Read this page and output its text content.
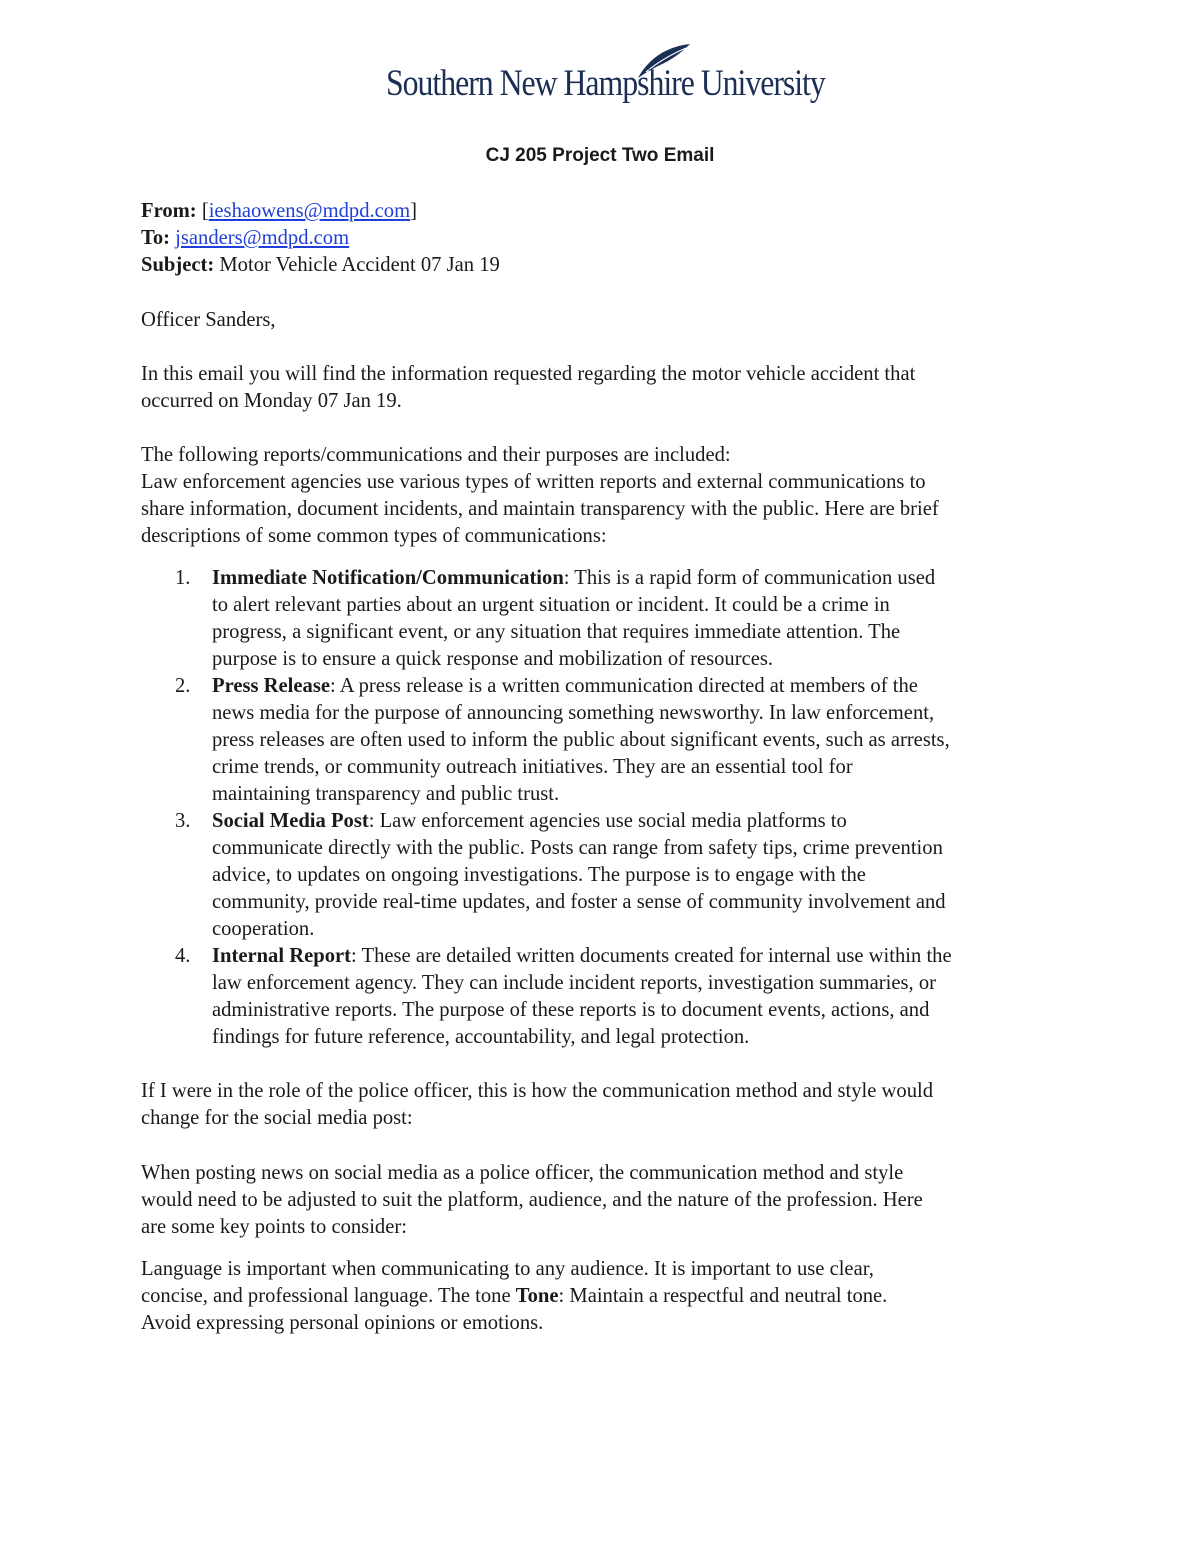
Southern New Hampshire University
CJ 205 Project Two Email
From: [ieshaowens@mdpd.com]
To: jsanders@mdpd.com
Subject: Motor Vehicle Accident 07 Jan 19
Officer Sanders,
In this email you will find the information requested regarding the motor vehicle accident that
occurred on Monday 07 Jan 19.
The following reports/communications and their purposes are included:
Law enforcement agencies use various types of written reports and external communications to
share information, document incidents, and maintain transparency with the public. Here are brief
descriptions of some common types of communications:
1. Immediate Notification/Communication: This is a rapid form of communication used
to alert relevant parties about an urgent situation or incident. It could be a crime in
progress, a significant event, or any situation that requires immediate attention. The
purpose is to ensure a quick response and mobilization of resources.
2. Press Release: A press release is a written communication directed at members of the
news media for the purpose of announcing something newsworthy. In law enforcement,
press releases are often used to inform the public about significant events, such as arrests,
crime trends, or community outreach initiatives. They are an essential tool for
maintaining transparency and public trust.
3. Social Media Post: Law enforcement agencies use social media platforms to
communicate directly with the public. Posts can range from safety tips, crime prevention
advice, to updates on ongoing investigations. The purpose is to engage with the
community, provide real-time updates, and foster a sense of community involvement and
cooperation.
4. Internal Report: These are detailed written documents created for internal use within the
law enforcement agency. They can include incident reports, investigation summaries, or
administrative reports. The purpose of these reports is to document events, actions, and
findings for future reference, accountability, and legal protection.
If I were in the role of the police officer, this is how the communication method and style would
change for the social media post:
When posting news on social media as a police officer, the communication method and style
would need to be adjusted to suit the platform, audience, and the nature of the profession. Here
are some key points to consider:
Language is important when communicating to any audience. It is important to use clear,
concise, and professional language. The tone Tone: Maintain a respectful and neutral tone.
Avoid expressing personal opinions or emotions.
